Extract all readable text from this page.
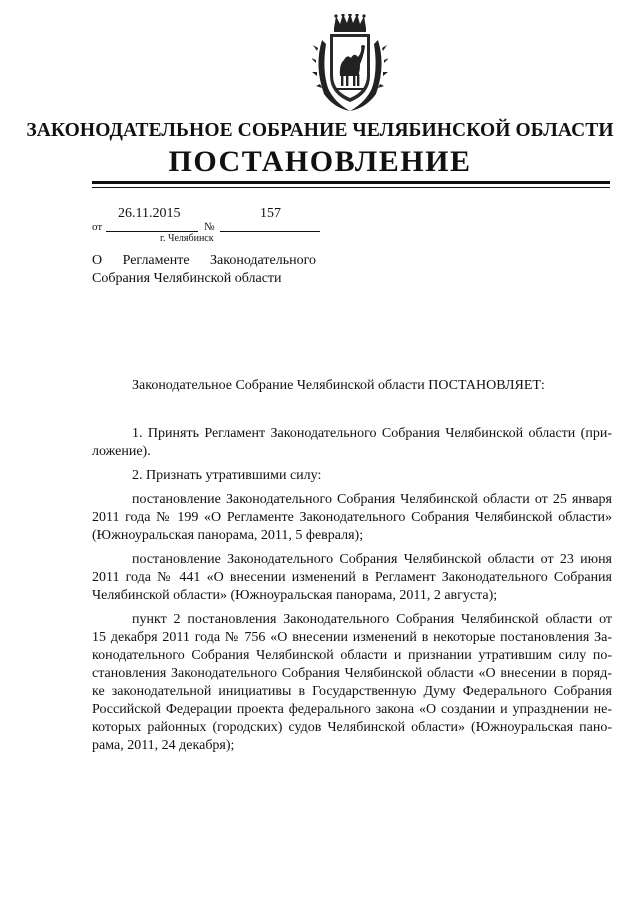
ЗАКОНОДАТЕЛЬНОЕ СОБРАНИЕ ЧЕЛЯБИНСКОЙ ОБЛАСТИ
ПОСТАНОВЛЕНИЕ
от
26.11.2015
№
157
г. Челябинск
О Регламенте Законодательного
Собрания Челябинской области
Законодательное Собрание Челябинской области ПОСТАНОВЛЯЕТ:

1. Принять Регламент Законодательного Собрания Челябинской области (при-
ложение).

2. Признать утратившими силу:

постановление Законодательного Собрания Челябинской области от 25 января
2011 года № 199 «О Регламенте Законодательного Собрания Челябинской области»
(Южноуральская панорама, 2011, 5 февраля);

постановление Законодательного Собрания Челябинской области от 23 июня
2011 года № 441 «О внесении изменений в Регламент Законодательного Собрания
Челябинской области» (Южноуральская панорама, 2011, 2 августа);

пункт 2 постановления Законодательного Собрания Челябинской области от
15 декабря 2011 года № 756 «О внесении изменений в некоторые постановления За-
конодательного Собрания Челябинской области и признании утратившим силу по-
становления Законодательного Собрания Челябинской области «О внесении в поряд-
ке законодательной инициативы в Государственную Думу Федерального Собрания
Российской Федерации проекта федерального закона «О создании и упразднении не-
которых районных (городских) судов Челябинской области» (Южноуральская пано-
рама, 2011, 24 декабря);
